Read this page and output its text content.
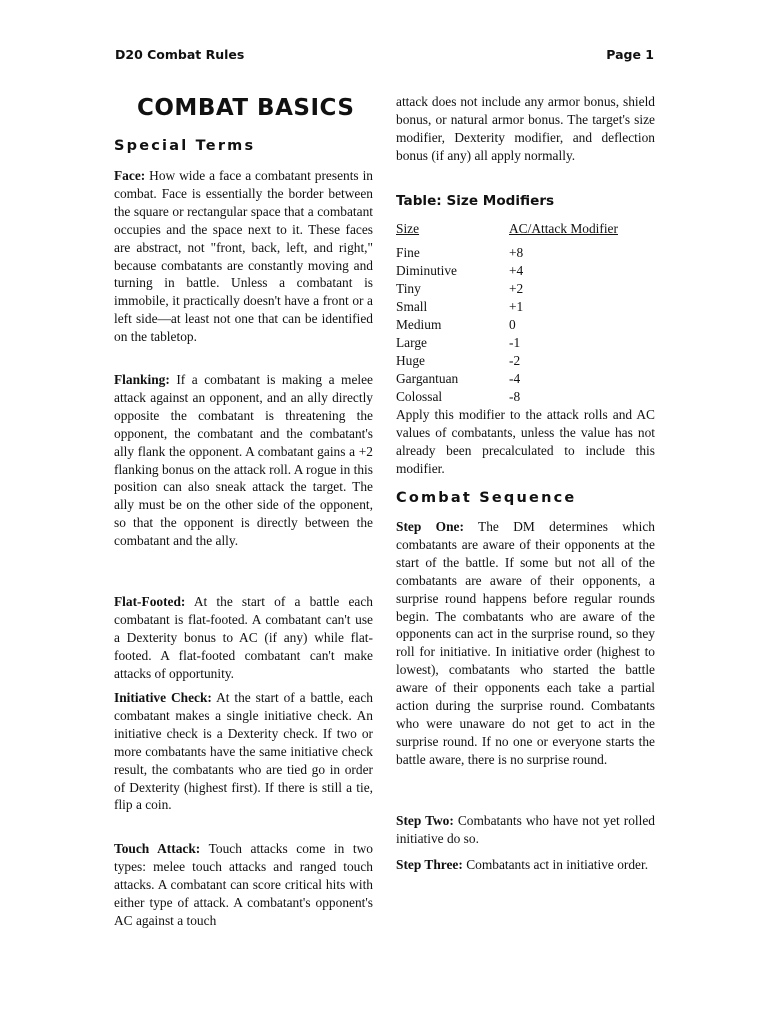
D20 Combat Rules	Page 1
COMBAT BASICS
Special Terms

Face: How wide a face a combatant presents in combat. Face is essentially the border between the square or rectangular space that a combatant occupies and the space next to it. These faces are abstract, not "front, back, left, and right," because combatants are constantly moving and turning in battle. Unless a combatant is immobile, it practically doesn't have a front or a left side—at least not one that can be identified on the tabletop.

Flanking: If a combatant is making a melee attack against an opponent, and an ally directly opposite the combatant is threatening the opponent, the combatant and the combatant's ally flank the opponent. A combatant gains a +2 flanking bonus on the attack roll. A rogue in this position can also sneak attack the target. The ally must be on the other side of the opponent, so that the opponent is directly between the combatant and the ally.

Flat-Footed: At the start of a battle each combatant is flat-footed. A combatant can't use a Dexterity bonus to AC (if any) while flat-footed. A flat-footed combatant can't make attacks of opportunity.

Initiative Check: At the start of a battle, each combatant makes a single initiative check. An initiative check is a Dexterity check. If two or more combatants have the same initiative check result, the combatants who are tied go in order of Dexterity (highest first). If there is still a tie, flip a coin.

Touch Attack: Touch attacks come in two types: melee touch attacks and ranged touch attacks. A combatant can score critical hits with either type of attack. A combatant's opponent's AC against a touch

attack does not include any armor bonus, shield bonus, or natural armor bonus. The target's size modifier, Dexterity modifier, and deflection bonus (if any) all apply normally.

Table: Size Modifiers
Size	AC/Attack Modifier
Fine	+8
Diminutive	+4
Tiny	+2
Small	+1
Medium	0
Large	-1
Huge	-2
Gargantuan	-4
Colossal	-8

Apply this modifier to the attack rolls and AC values of combatants, unless the value has not already been precalculated to include this modifier.

Combat Sequence

Step One: The DM determines which combatants are aware of their opponents at the start of the battle. If some but not all of the combatants are aware of their opponents, a surprise round happens before regular rounds begin. The combatants who are aware of the opponents can act in the surprise round, so they roll for initiative. In initiative order (highest to lowest), combatants who started the battle aware of their opponents each take a partial action during the surprise round. Combatants who were unaware do not get to act in the surprise round. If no one or everyone starts the battle aware, there is no surprise round.

Step Two: Combatants who have not yet rolled initiative do so.

Step Three: Combatants act in initiative order.
